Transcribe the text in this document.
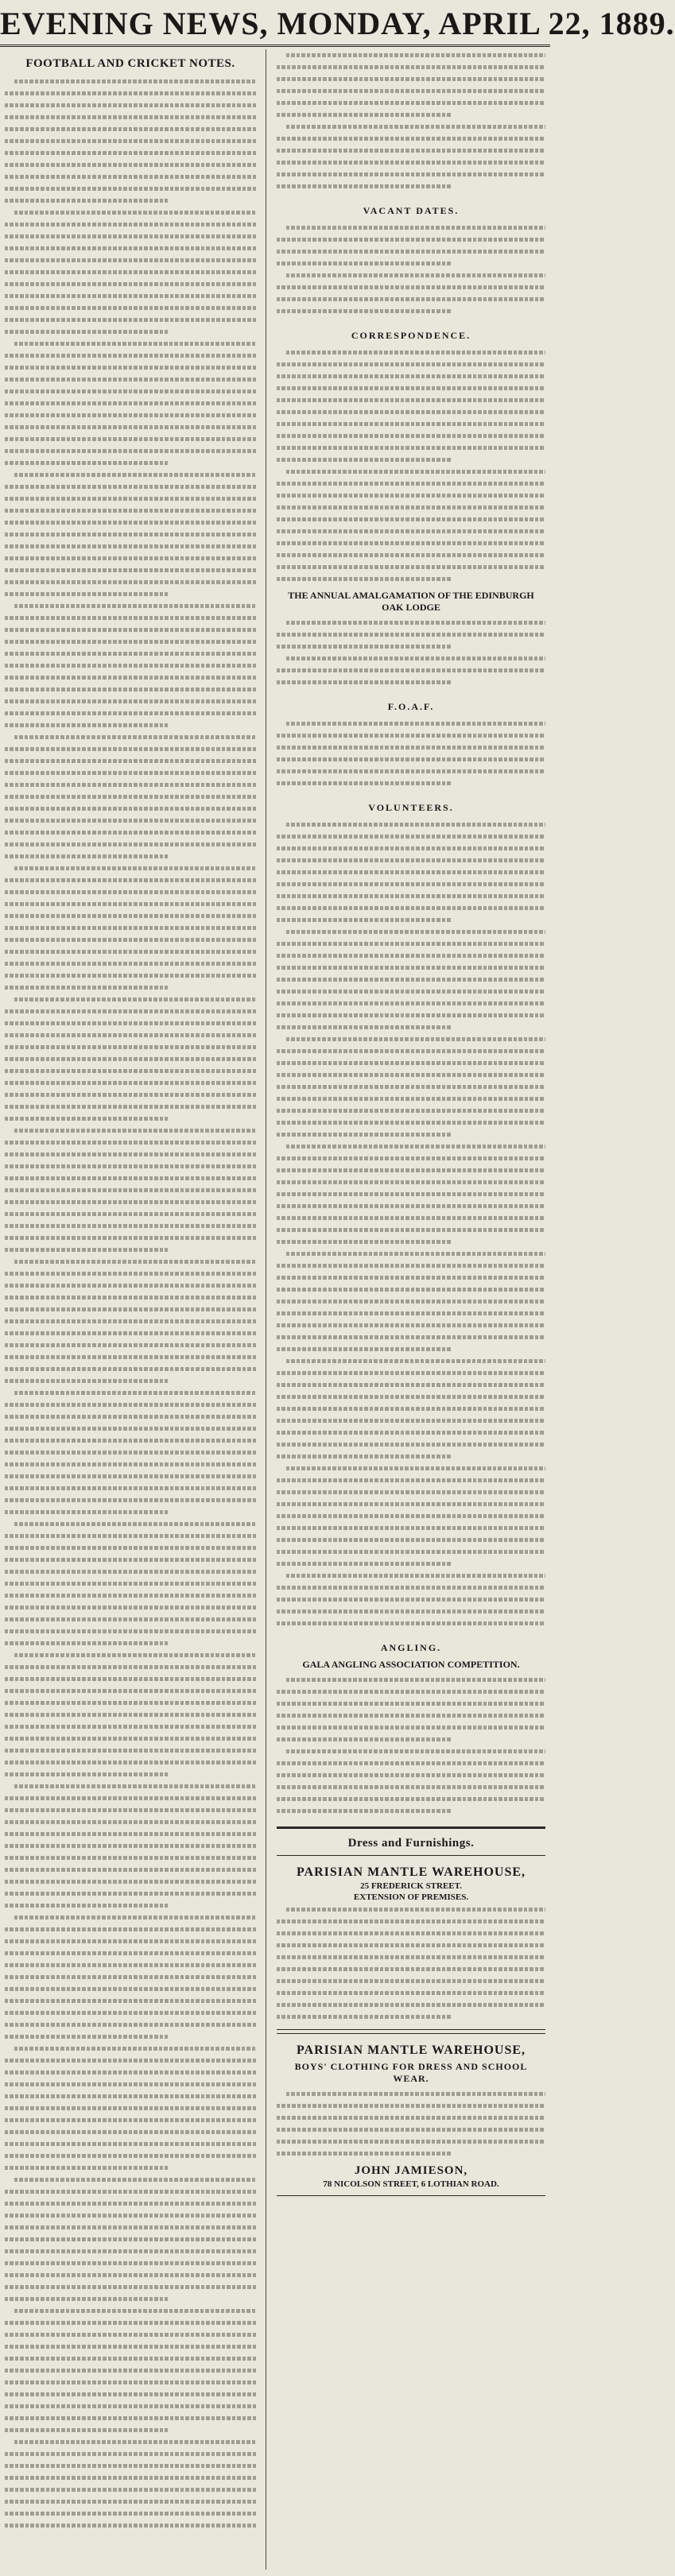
EVENING NEWS, MONDAY, APRIL 22, 1889.
FOOTBALL AND CRICKET NOTES.
VACANT DATES.
CORRESPONDENCE.
THE ANNUAL AMALGAMATION OF THE EDINBURGH OAK LODGE
F.O.A.F.
VOLUNTEERS.
ANGLING.
GALA ANGLING ASSOCIATION COMPETITION.
Dress and Furnishings.
PARISIAN MANTLE WAREHOUSE,
25 FREDERICK STREET.
EXTENSION OF PREMISES.
PARISIAN MANTLE WAREHOUSE,
BOYS' CLOTHING FOR DRESS AND SCHOOL WEAR.
JOHN JAMIESON,
78 NICOLSON STREET, 6 LOTHIAN ROAD.
